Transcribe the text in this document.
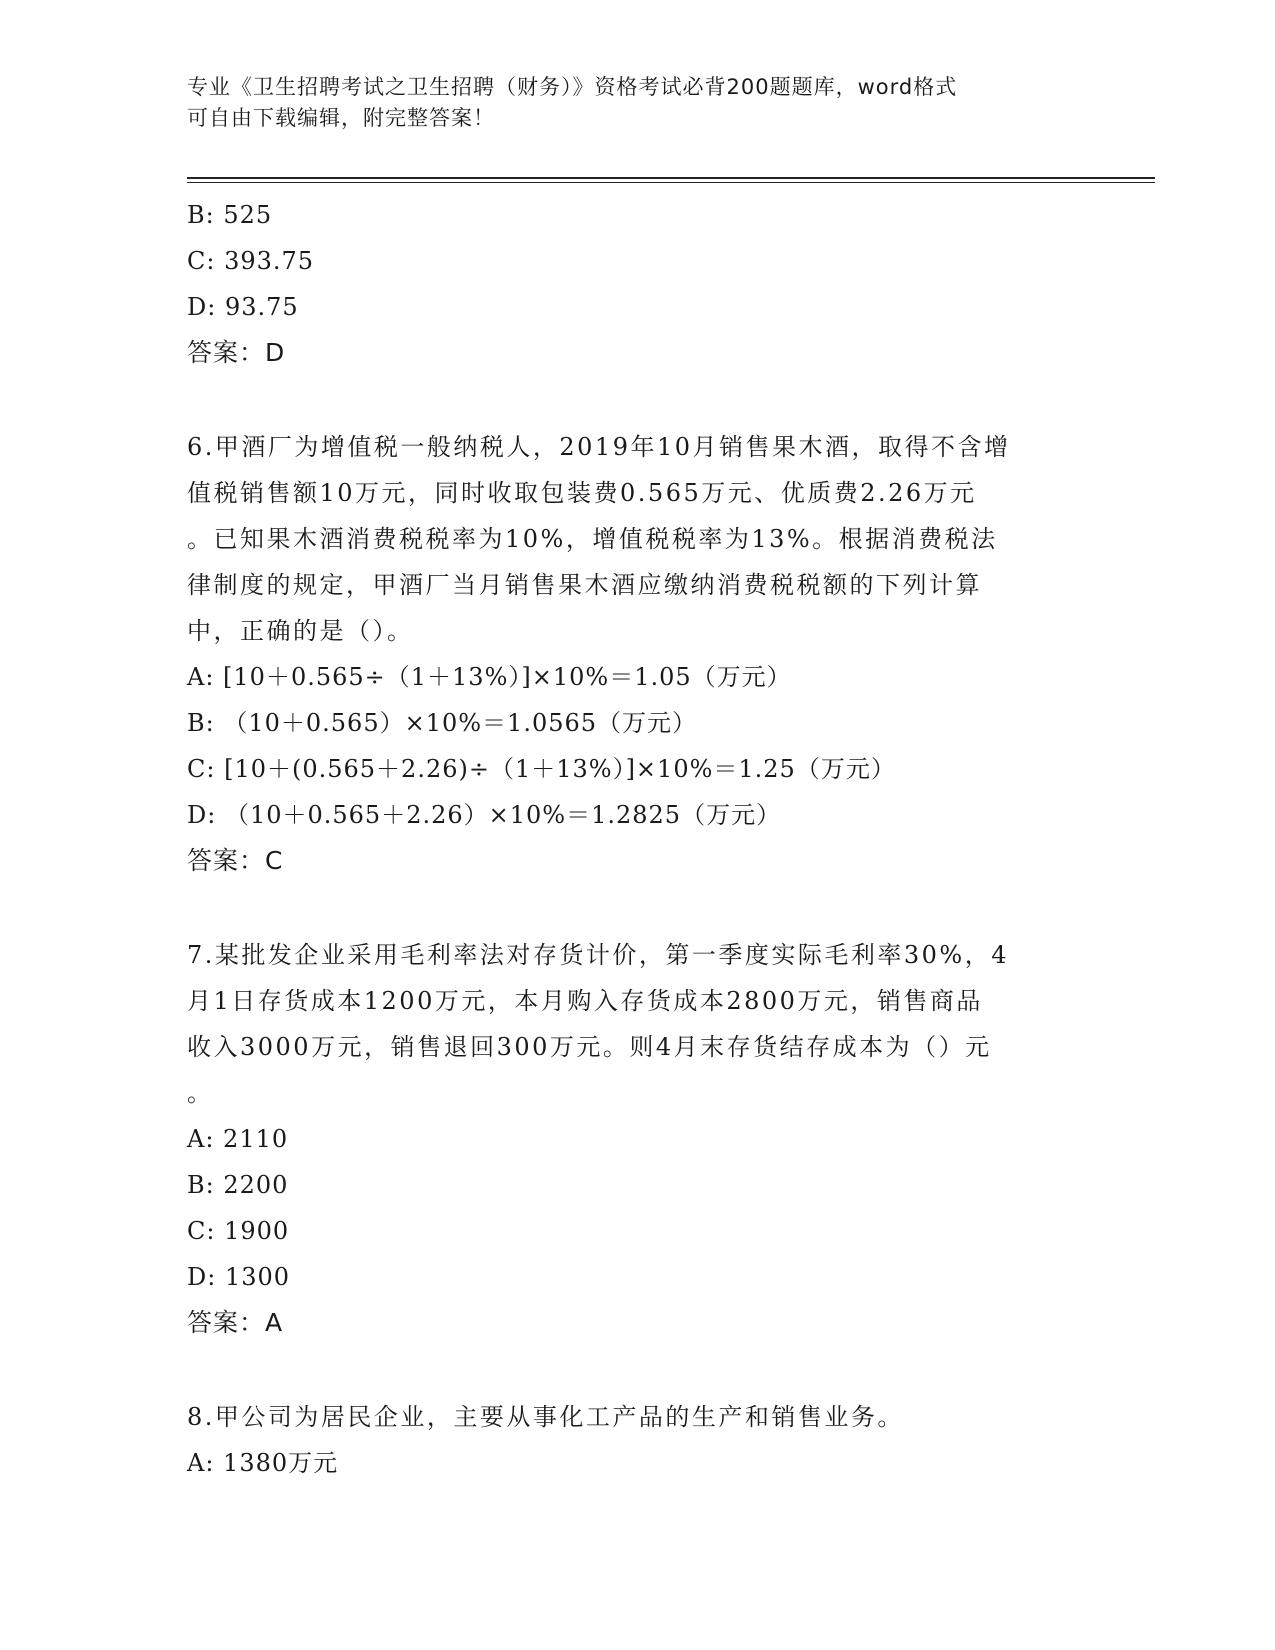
专业《卫生招聘考试之卫生招聘（财务）》资格考试必背200题题库，word格式
可自由下载编辑，附完整答案！
B: 525
C: 393.75
D: 93.75
答案：D
6.甲酒厂为增值税一般纳税人，2019年10月销售果木酒，取得不含增
值税销售额10万元，同时收取包装费0.565万元、优质费2.26万元
。已知果木酒消费税税率为10%，增值税税率为13%。根据消费税法
律制度的规定，甲酒厂当月销售果木酒应缴纳消费税税额的下列计算
中，正确的是（）。
A: [10＋0.565÷（1＋13%）]×10%＝1.05（万元）
B: （10＋0.565）×10%＝1.0565（万元）
C: [10＋(0.565＋2.26)÷（1＋13%）]×10%＝1.25（万元）
D: （10＋0.565＋2.26）×10%＝1.2825（万元）
答案：C
7.某批发企业采用毛利率法对存货计价，第一季度实际毛利率30%，4
月1日存货成本1200万元，本月购入存货成本2800万元，销售商品
收入3000万元，销售退回300万元。则4月末存货结存成本为（）元
。
A: 2110
B: 2200
C: 1900
D: 1300
答案：A
8.甲公司为居民企业，主要从事化工产品的生产和销售业务。
A: 1380万元
